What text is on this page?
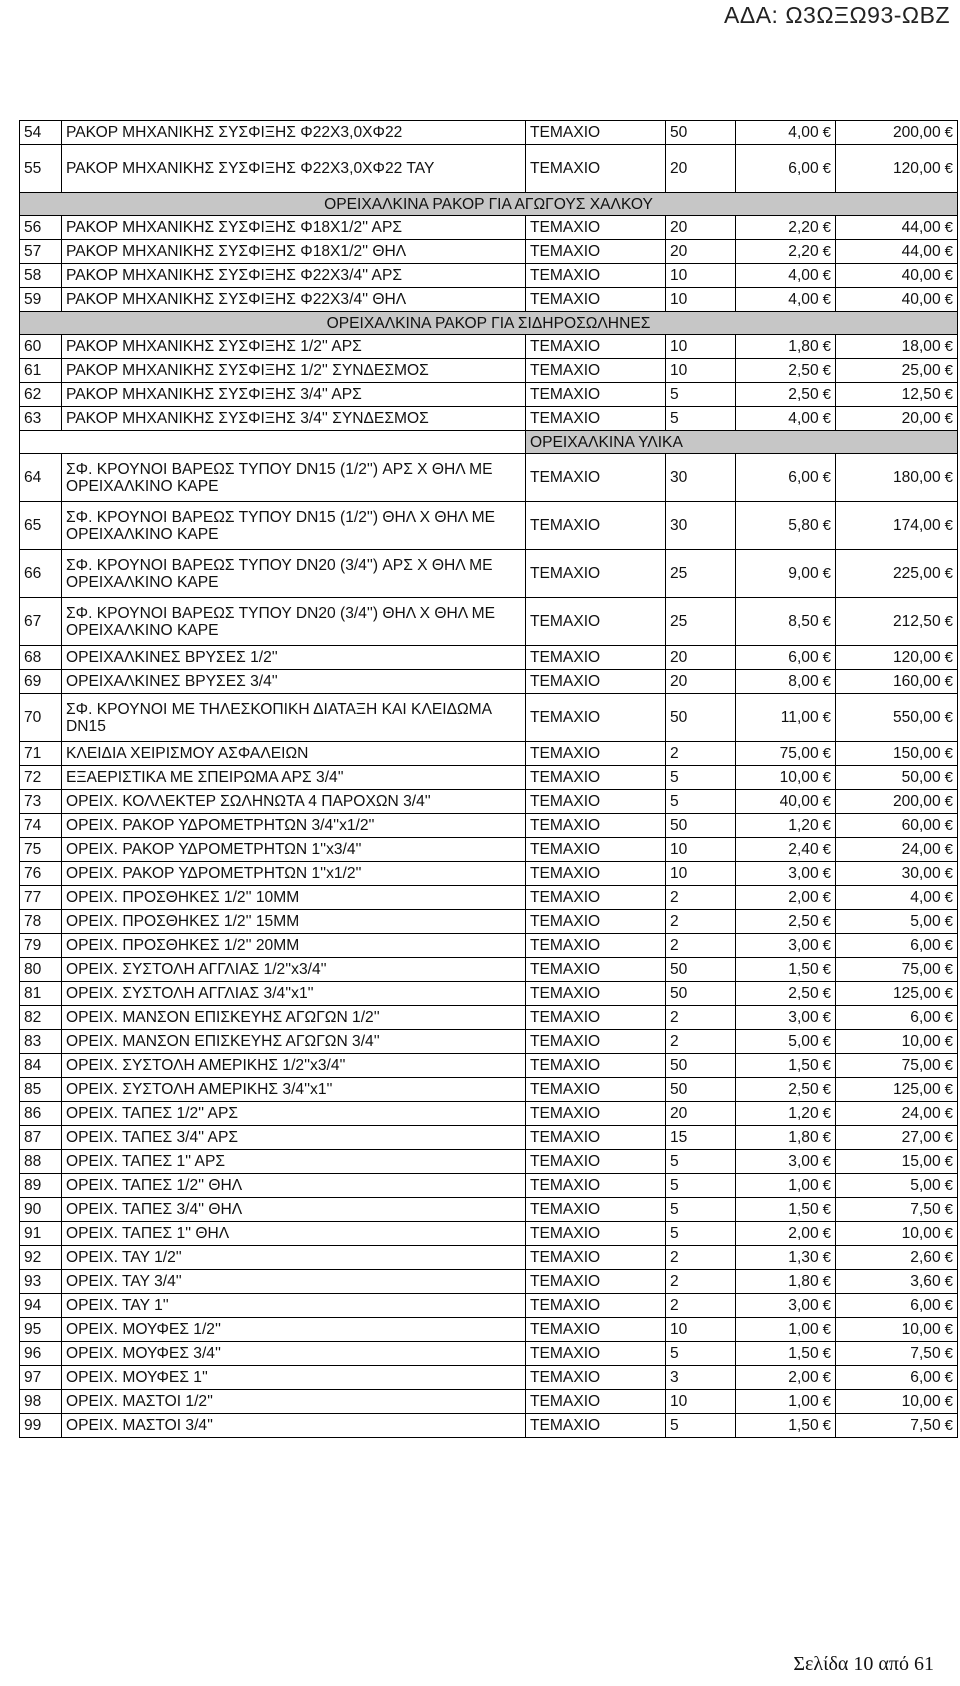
ΑΔΑ: Ω3ΩΞΩ93-ΩΒΖ
54	ΡΑΚΟΡ ΜΗΧΑΝΙΚΗΣ ΣΥΣΦΙΞΗΣ Φ22Χ3,0ΧΦ22	ΤΕΜΑΧΙΟ	50	4,00 €	200,00 €
55	ΡΑΚΟΡ ΜΗΧΑΝΙΚΗΣ ΣΥΣΦΙΞΗΣ Φ22Χ3,0ΧΦ22 ΤΑΥ	ΤΕΜΑΧΙΟ	20	6,00 €	120,00 €
ΟΡΕΙΧΑΛΚΙΝΑ ΡΑΚΟΡ ΓΙΑ ΑΓΩΓΟΥΣ ΧΑΛΚΟΥ					
56	ΡΑΚΟΡ ΜΗΧΑΝΙΚΗΣ ΣΥΣΦΙΞΗΣ Φ18Χ1/2'' ΑΡΣ	ΤΕΜΑΧΙΟ	20	2,20 €	44,00 €
57	ΡΑΚΟΡ ΜΗΧΑΝΙΚΗΣ ΣΥΣΦΙΞΗΣ Φ18Χ1/2'' ΘΗΛ	ΤΕΜΑΧΙΟ	20	2,20 €	44,00 €
58	ΡΑΚΟΡ ΜΗΧΑΝΙΚΗΣ ΣΥΣΦΙΞΗΣ Φ22Χ3/4'' ΑΡΣ	ΤΕΜΑΧΙΟ	10	4,00 €	40,00 €
59	ΡΑΚΟΡ ΜΗΧΑΝΙΚΗΣ ΣΥΣΦΙΞΗΣ Φ22Χ3/4'' ΘΗΛ	ΤΕΜΑΧΙΟ	10	4,00 €	40,00 €
ΟΡΕΙΧΑΛΚΙΝΑ ΡΑΚΟΡ ΓΙΑ ΣΙΔΗΡΟΣΩΛΗΝΕΣ					
60	ΡΑΚΟΡ ΜΗΧΑΝΙΚΗΣ ΣΥΣΦΙΞΗΣ 1/2'' ΑΡΣ	ΤΕΜΑΧΙΟ	10	1,80 €	18,00 €
61	ΡΑΚΟΡ ΜΗΧΑΝΙΚΗΣ ΣΥΣΦΙΞΗΣ 1/2'' ΣΥΝΔΕΣΜΟΣ	ΤΕΜΑΧΙΟ	10	2,50 €	25,00 €
62	ΡΑΚΟΡ ΜΗΧΑΝΙΚΗΣ ΣΥΣΦΙΞΗΣ 3/4'' ΑΡΣ	ΤΕΜΑΧΙΟ	5	2,50 €	12,50 €
63	ΡΑΚΟΡ ΜΗΧΑΝΙΚΗΣ ΣΥΣΦΙΞΗΣ 3/4'' ΣΥΝΔΕΣΜΟΣ	ΤΕΜΑΧΙΟ	5	4,00 €	20,00 €
		ΟΡΕΙΧΑΛΚΙΝΑ ΥΛΙΚΑ			
64	ΣΦ. ΚΡΟΥΝΟΙ ΒΑΡΕΩΣ ΤΥΠΟΥ DN15 (1/2'') ΑΡΣ Χ ΘΗΛ ΜΕ ΟΡΕΙΧΑΛΚΙΝΟ ΚΑΡΕ	ΤΕΜΑΧΙΟ	30	6,00 €	180,00 €
65	ΣΦ. ΚΡΟΥΝΟΙ ΒΑΡΕΩΣ ΤΥΠΟΥ DN15 (1/2'') ΘΗΛ Χ ΘΗΛ ΜΕ ΟΡΕΙΧΑΛΚΙΝΟ ΚΑΡΕ	ΤΕΜΑΧΙΟ	30	5,80 €	174,00 €
66	ΣΦ. ΚΡΟΥΝΟΙ ΒΑΡΕΩΣ ΤΥΠΟΥ DN20 (3/4'') ΑΡΣ Χ ΘΗΛ ΜΕ ΟΡΕΙΧΑΛΚΙΝΟ ΚΑΡΕ	ΤΕΜΑΧΙΟ	25	9,00 €	225,00 €
67	ΣΦ. ΚΡΟΥΝΟΙ ΒΑΡΕΩΣ ΤΥΠΟΥ DN20 (3/4'') ΘΗΛ Χ ΘΗΛ ΜΕ ΟΡΕΙΧΑΛΚΙΝΟ ΚΑΡΕ	ΤΕΜΑΧΙΟ	25	8,50 €	212,50 €
68	ΟΡΕΙΧΑΛΚΙΝΕΣ ΒΡΥΣΕΣ 1/2''	ΤΕΜΑΧΙΟ	20	6,00 €	120,00 €
69	ΟΡΕΙΧΑΛΚΙΝΕΣ ΒΡΥΣΕΣ 3/4''	ΤΕΜΑΧΙΟ	20	8,00 €	160,00 €
70	ΣΦ. ΚΡΟΥΝΟΙ ΜΕ ΤΗΛΕΣΚΟΠΙΚΗ ΔΙΑΤΑΞΗ ΚΑΙ ΚΛΕΙΔΩΜΑ DN15	ΤΕΜΑΧΙΟ	50	11,00 €	550,00 €
71	ΚΛΕΙΔΙΑ ΧΕΙΡΙΣΜΟΥ ΑΣΦΑΛΕΙΩΝ	ΤΕΜΑΧΙΟ	2	75,00 €	150,00 €
72	ΕΞΑΕΡΙΣΤΙΚΑ ΜΕ ΣΠΕΙΡΩΜΑ ΑΡΣ 3/4''	ΤΕΜΑΧΙΟ	5	10,00 €	50,00 €
73	ΟΡΕΙΧ. ΚΟΛΛΕΚΤΕΡ ΣΩΛΗΝΩΤΑ 4 ΠΑΡΟΧΩΝ 3/4''	ΤΕΜΑΧΙΟ	5	40,00 €	200,00 €
74	ΟΡΕΙΧ. ΡΑΚΟΡ ΥΔΡΟΜΕΤΡΗΤΩΝ 3/4''x1/2''	ΤΕΜΑΧΙΟ	50	1,20 €	60,00 €
75	ΟΡΕΙΧ. ΡΑΚΟΡ ΥΔΡΟΜΕΤΡΗΤΩΝ 1''x3/4''	ΤΕΜΑΧΙΟ	10	2,40 €	24,00 €
76	ΟΡΕΙΧ. ΡΑΚΟΡ ΥΔΡΟΜΕΤΡΗΤΩΝ 1''x1/2''	ΤΕΜΑΧΙΟ	10	3,00 €	30,00 €
77	ΟΡΕΙΧ. ΠΡΟΣΘΗΚΕΣ 1/2'' 10ΜΜ	ΤΕΜΑΧΙΟ	2	2,00 €	4,00 €
78	ΟΡΕΙΧ. ΠΡΟΣΘΗΚΕΣ 1/2'' 15ΜΜ	ΤΕΜΑΧΙΟ	2	2,50 €	5,00 €
79	ΟΡΕΙΧ. ΠΡΟΣΘΗΚΕΣ 1/2'' 20ΜΜ	ΤΕΜΑΧΙΟ	2	3,00 €	6,00 €
80	ΟΡΕΙΧ. ΣΥΣΤΟΛΗ ΑΓΓΛΙΑΣ 1/2''x3/4''	ΤΕΜΑΧΙΟ	50	1,50 €	75,00 €
81	ΟΡΕΙΧ. ΣΥΣΤΟΛΗ ΑΓΓΛΙΑΣ 3/4''x1''	ΤΕΜΑΧΙΟ	50	2,50 €	125,00 €
82	ΟΡΕΙΧ. ΜΑΝΣΟΝ ΕΠΙΣΚΕΥΗΣ ΑΓΩΓΩΝ 1/2''	ΤΕΜΑΧΙΟ	2	3,00 €	6,00 €
83	ΟΡΕΙΧ. ΜΑΝΣΟΝ ΕΠΙΣΚΕΥΗΣ ΑΓΩΓΩΝ 3/4''	ΤΕΜΑΧΙΟ	2	5,00 €	10,00 €
84	ΟΡΕΙΧ. ΣΥΣΤΟΛΗ ΑΜΕΡΙΚΗΣ 1/2''x3/4''	ΤΕΜΑΧΙΟ	50	1,50 €	75,00 €
85	ΟΡΕΙΧ. ΣΥΣΤΟΛΗ ΑΜΕΡΙΚΗΣ 3/4''x1''	ΤΕΜΑΧΙΟ	50	2,50 €	125,00 €
86	ΟΡΕΙΧ. ΤΑΠΕΣ 1/2'' ΑΡΣ	ΤΕΜΑΧΙΟ	20	1,20 €	24,00 €
87	ΟΡΕΙΧ. ΤΑΠΕΣ 3/4'' ΑΡΣ	ΤΕΜΑΧΙΟ	15	1,80 €	27,00 €
88	ΟΡΕΙΧ. ΤΑΠΕΣ 1'' ΑΡΣ	ΤΕΜΑΧΙΟ	5	3,00 €	15,00 €
89	ΟΡΕΙΧ. ΤΑΠΕΣ 1/2'' ΘΗΛ	ΤΕΜΑΧΙΟ	5	1,00 €	5,00 €
90	ΟΡΕΙΧ. ΤΑΠΕΣ 3/4'' ΘΗΛ	ΤΕΜΑΧΙΟ	5	1,50 €	7,50 €
91	ΟΡΕΙΧ. ΤΑΠΕΣ 1'' ΘΗΛ	ΤΕΜΑΧΙΟ	5	2,00 €	10,00 €
92	ΟΡΕΙΧ. ΤΑΥ 1/2''	ΤΕΜΑΧΙΟ	2	1,30 €	2,60 €
93	ΟΡΕΙΧ. ΤΑΥ 3/4''	ΤΕΜΑΧΙΟ	2	1,80 €	3,60 €
94	ΟΡΕΙΧ. ΤΑΥ 1''	ΤΕΜΑΧΙΟ	2	3,00 €	6,00 €
95	ΟΡΕΙΧ. ΜΟΥΦΕΣ 1/2''	ΤΕΜΑΧΙΟ	10	1,00 €	10,00 €
96	ΟΡΕΙΧ. ΜΟΥΦΕΣ 3/4''	ΤΕΜΑΧΙΟ	5	1,50 €	7,50 €
97	ΟΡΕΙΧ. ΜΟΥΦΕΣ 1''	ΤΕΜΑΧΙΟ	3	2,00 €	6,00 €
98	ΟΡΕΙΧ. ΜΑΣΤΟΙ 1/2''	ΤΕΜΑΧΙΟ	10	1,00 €	10,00 €
99	ΟΡΕΙΧ. ΜΑΣΤΟΙ 3/4''	ΤΕΜΑΧΙΟ	5	1,50 €	7,50 €
Σελίδα 10 από 61
